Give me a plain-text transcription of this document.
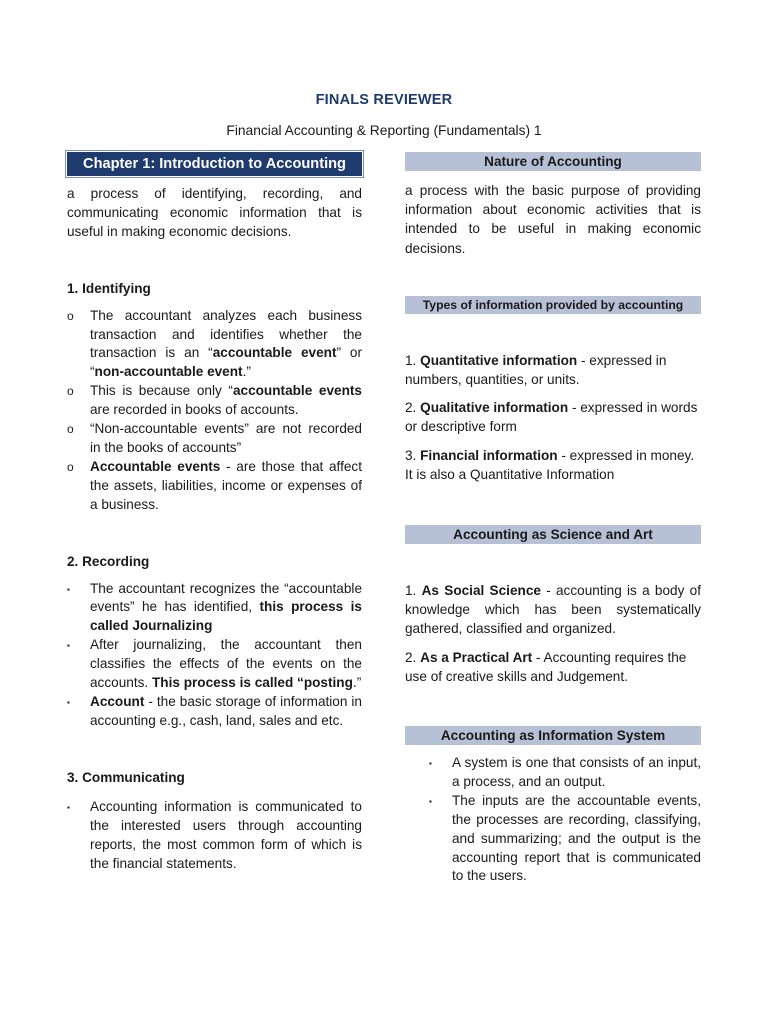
FINALS REVIEWER
Financial Accounting & Reporting (Fundamentals) 1
Chapter 1: Introduction to Accounting

a process of identifying, recording, and communicating economic information that is useful in making economic decisions.

1. Identifying

o	The accountant analyzes each business transaction and identifies whether the transaction is an “accountable event” or “non-accountable event.”
o	This is because only “accountable events are recorded in books of accounts.
o	“Non-accountable events” are not recorded in the books of accounts”
o	Accountable events - are those that affect the assets, liabilities, income or expenses of a business.

2. Recording

▪	The accountant recognizes the “accountable events” he has identified, this process is called Journalizing
▪	After journalizing, the accountant then classifies the effects of the events on the accounts. This process is called “posting.”
▪	Account - the basic storage of information in accounting e.g., cash, land, sales and etc.

3. Communicating

▪	Accounting information is communicated to the interested users through accounting reports, the most common form of which is the financial statements.
Nature of Accounting

a process with the basic purpose of providing information about economic activities that is intended to be useful in making economic decisions.

Types of information provided by accounting

1. Quantitative information - expressed in numbers, quantities, or units.

2. Qualitative information - expressed in words or descriptive form

3. Financial information - expressed in money. It is also a Quantitative Information

Accounting as Science and Art

1. As Social Science - accounting is a body of knowledge which has been systematically gathered, classified and organized.

2. As a Practical Art - Accounting requires the use of creative skills and Judgement.

Accounting as Information System
▪	A system is one that consists of an input, a process, and an output.
▪	The inputs are the accountable events, the processes are recording, classifying, and summarizing; and the output is the accounting report that is communicated to the users.
